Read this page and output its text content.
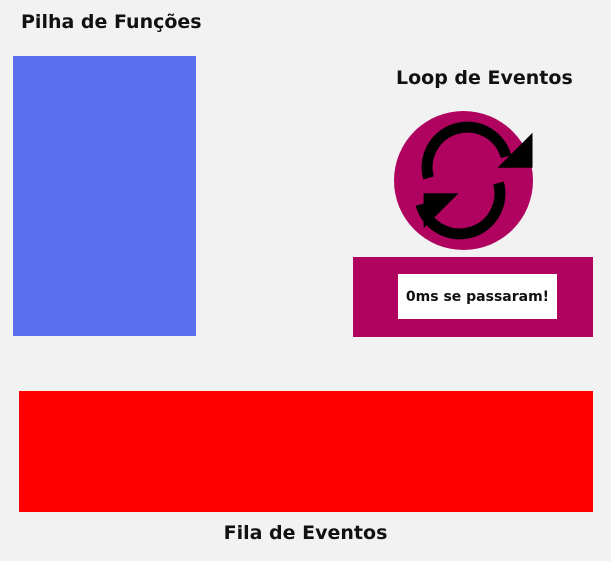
Pilha de Funções
Loop de Eventos
0ms se passaram!
Fila de Eventos
